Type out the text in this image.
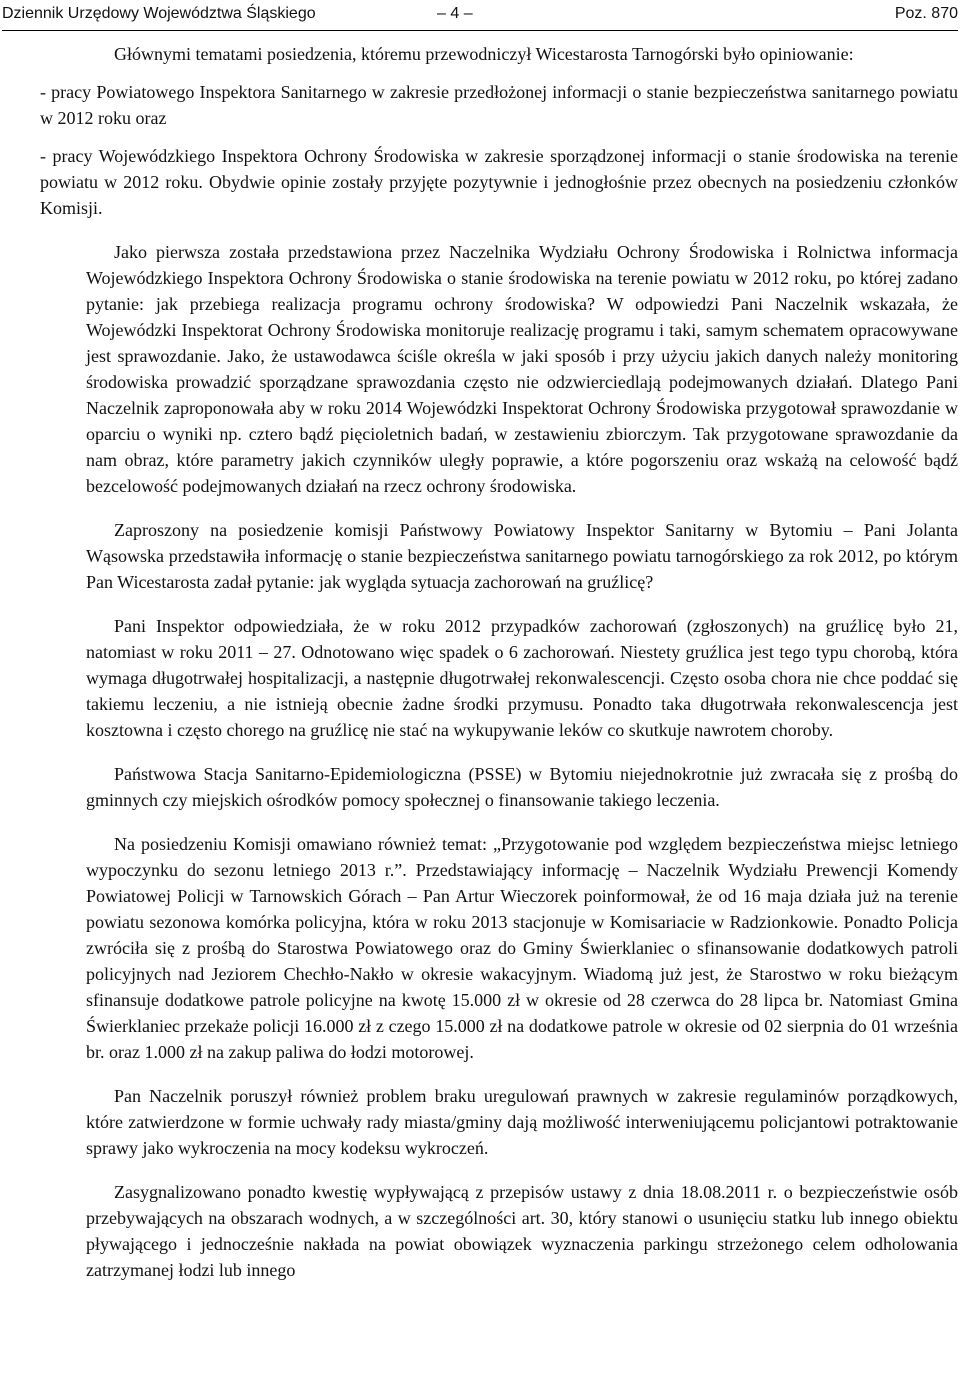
Dziennik Urzędowy Województwa Śląskiego	– 4 –	Poz. 870

Głównymi tematami posiedzenia, któremu przewodniczył Wicestarosta Tarnogórski było opiniowanie:

- pracy Powiatowego Inspektora Sanitarnego w zakresie przedłożonej informacji o stanie bezpieczeństwa sanitarnego powiatu w 2012 roku oraz
- pracy Wojewódzkiego Inspektora Ochrony Środowiska w zakresie sporządzonej informacji o stanie środowiska na terenie powiatu w 2012 roku. Obydwie opinie zostały przyjęte pozytywnie i jednogłośnie przez obecnych na posiedzeniu członków Komisji.

Jako pierwsza została przedstawiona przez Naczelnika Wydziału Ochrony Środowiska i Rolnictwa informacja Wojewódzkiego Inspektora Ochrony Środowiska o stanie środowiska na terenie powiatu w 2012 roku, po której zadano pytanie: jak przebiega realizacja programu ochrony środowiska? W odpowiedzi Pani Naczelnik wskazała, że Wojewódzki Inspektorat Ochrony Środowiska monitoruje realizację programu i taki, samym schematem opracowywane jest sprawozdanie. Jako, że ustawodawca ściśle określa w jaki sposób i przy użyciu jakich danych należy monitoring środowiska prowadzić sporządzane sprawozdania często nie odzwierciedlają podejmowanych działań. Dlatego Pani Naczelnik zaproponowała aby w roku 2014 Wojewódzki Inspektorat Ochrony Środowiska przygotował sprawozdanie w oparciu o wyniki np. cztero bądź pięcioletnich badań, w zestawieniu zbiorczym. Tak przygotowane sprawozdanie da nam obraz, które parametry jakich czynników uległy poprawie, a które pogorszeniu oraz wskażą na celowość bądź bezcelowość podejmowanych działań na rzecz ochrony środowiska.

Zaproszony na posiedzenie komisji Państwowy Powiatowy Inspektor Sanitarny w Bytomiu – Pani Jolanta Wąsowska przedstawiła informację o stanie bezpieczeństwa sanitarnego powiatu tarnogórskiego za rok 2012, po którym Pan Wicestarosta zadał pytanie: jak wygląda sytuacja zachorowań na gruźlicę?

Pani Inspektor odpowiedziała, że w roku 2012 przypadków zachorowań (zgłoszonych) na gruźlicę było 21, natomiast w roku 2011 – 27. Odnotowano więc spadek o 6 zachorowań. Niestety gruźlica jest tego typu chorobą, która wymaga długotrwałej hospitalizacji, a następnie długotrwałej rekonwalescencji. Często osoba chora nie chce poddać się takiemu leczeniu, a nie istnieją obecnie żadne środki przymusu. Ponadto taka długotrwała rekonwalescencja jest kosztowna i często chorego na gruźlicę nie stać na wykupywanie leków co skutkuje nawrotem choroby.

Państwowa Stacja Sanitarno-Epidemiologiczna (PSSE) w Bytomiu niejednokrotnie już zwracała się z prośbą do gminnych czy miejskich ośrodków pomocy społecznej o finansowanie takiego leczenia.

Na posiedzeniu Komisji omawiano również temat: „Przygotowanie pod względem bezpieczeństwa miejsc letniego wypoczynku do sezonu letniego 2013 r.”. Przedstawiający informację – Naczelnik Wydziału Prewencji Komendy Powiatowej Policji w Tarnowskich Górach – Pan Artur Wieczorek poinformował, że od 16 maja działa już na terenie powiatu sezonowa komórka policyjna, która w roku 2013 stacjonuje w Komisariacie w Radzionkowie. Ponadto Policja zwróciła się z prośbą do Starostwa Powiatowego oraz do Gminy Świerklaniec o sfinansowanie dodatkowych patroli policyjnych nad Jeziorem Chechło-Nakło w okresie wakacyjnym. Wiadomą już jest, że Starostwo w roku bieżącym sfinansuje dodatkowe patrole policyjne na kwotę 15.000 zł w okresie od 28 czerwca do 28 lipca br. Natomiast Gmina Świerklaniec przekaże policji 16.000 zł z czego 15.000 zł na dodatkowe patrole w okresie od 02 sierpnia do 01 września br. oraz 1.000 zł na zakup paliwa do łodzi motorowej.

Pan Naczelnik poruszył również problem braku uregulowań prawnych w zakresie regulaminów porządkowych, które zatwierdzone w formie uchwały rady miasta/gminy dają możliwość interweniującemu policjantowi potraktowanie sprawy jako wykroczenia na mocy kodeksu wykroczeń.

Zasygnalizowano ponadto kwestię wypływającą z przepisów ustawy z dnia 18.08.2011 r. o bezpieczeństwie osób przebywających na obszarach wodnych, a w szczególności art. 30, który stanowi o usunięciu statku lub innego obiektu pływającego i jednocześnie nakłada na powiat obowiązek wyznaczenia parkingu strzeżonego celem odholowania zatrzymanej łodzi lub innego
